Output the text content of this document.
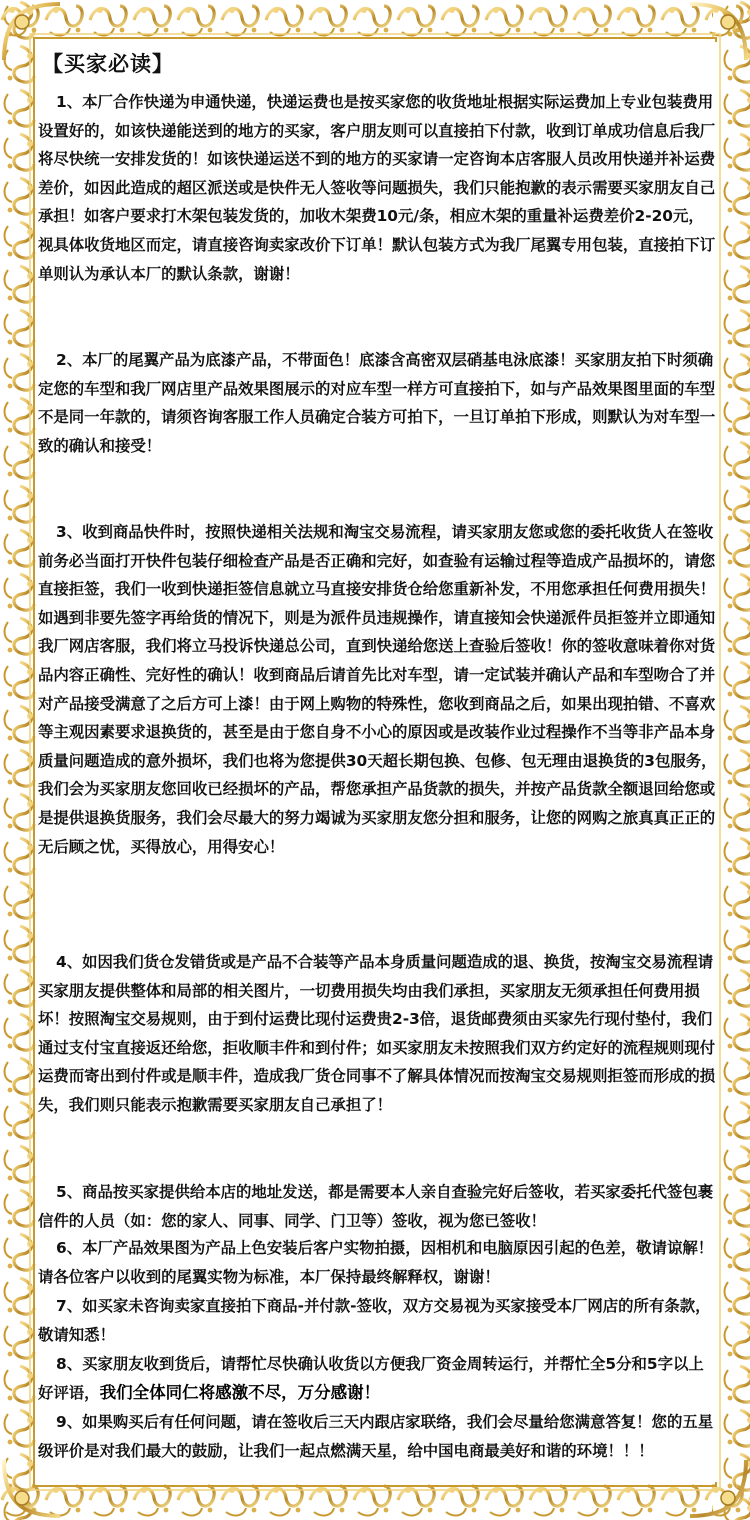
【买家必读】

1、本厂合作快递为申通快递，快递运费也是按买家您的收货地址根据实际运费加上专业包装费用设置好的，如该快递能送到的地方的买家，客户朋友则可以直接拍下付款，收到订单成功信息后我厂将尽快统一安排发货的！如该快递运送不到的地方的买家请一定咨询本店客服人员改用快递并补运费差价，如因此造成的超区派送或是快件无人签收等问题损失，我们只能抱歉的表示需要买家朋友自己承担！如客户要求打木架包装发货的，加收木架费10元/条，相应木架的重量补运费差价2-20元，视具体收货地区而定，请直接咨询卖家改价下订单！默认包装方式为我厂尾翼专用包装，直接拍下订单则认为承认本厂的默认条款，谢谢！

2、本厂的尾翼产品为底漆产品，不带面色！底漆含高密双层硝基电泳底漆！买家朋友拍下时须确定您的车型和我厂网店里产品效果图展示的对应车型一样方可直接拍下，如与产品效果图里面的车型不是同一年款的，请须咨询客服工作人员确定合装方可拍下，一旦订单拍下形成，则默认为对车型一致的确认和接受！

3、收到商品快件时，按照快递相关法规和淘宝交易流程，请买家朋友您或您的委托收货人在签收前务必当面打开快件包装仔细检查产品是否正确和完好，如查验有运输过程等造成产品损坏的，请您直接拒签，我们一收到快递拒签信息就立马直接安排货仓给您重新补发，不用您承担任何费用损失！如遇到非要先签字再给货的情况下，则是为派件员违规操作，请直接知会快递派件员拒签并立即通知我厂网店客服，我们将立马投诉快递总公司，直到快递给您送上查验后签收！你的签收意味着你对货品内容正确性、完好性的确认！收到商品后请首先比对车型，请一定试装并确认产品和车型吻合了并对产品接受满意了之后方可上漆！由于网上购物的特殊性，您收到商品之后，如果出现拍错、不喜欢等主观因素要求退换货的，甚至是由于您自身不小心的原因或是改装作业过程操作不当等非产品本身质量问题造成的意外损坏，我们也将为您提供30天超长期包换、包修、包无理由退换货的3包服务，我们会为买家朋友您回收已经损坏的产品，帮您承担产品货款的损失，并按产品货款全额退回给您或是提供退换货服务，我们会尽最大的努力竭诚为买家朋友您分担和服务，让您的网购之旅真真正正的无后顾之忧，买得放心，用得安心！

4、如因我们货仓发错货或是产品不合装等产品本身质量问题造成的退、换货，按淘宝交易流程请买家朋友提供整体和局部的相关图片，一切费用损失均由我们承担，买家朋友无须承担任何费用损坏！按照淘宝交易规则，由于到付运费比现付运费贵2-3倍，退货邮费须由买家先行现付垫付，我们通过支付宝直接返还给您，拒收顺丰件和到付件；如买家朋友未按照我们双方约定好的流程规则现付运费而寄出到付件或是顺丰件，造成我厂货仓同事不了解具体情况而按淘宝交易规则拒签而形成的损失，我们则只能表示抱歉需要买家朋友自己承担了！

5、商品按买家提供给本店的地址发送，都是需要本人亲自查验完好后签收，若买家委托代签包裹信件的人员（如：您的家人、同事、同学、门卫等）签收，视为您已签收！

6、本厂产品效果图为产品上色安装后客户实物拍摄，因相机和电脑原因引起的色差，敬请谅解！请各位客户以收到的尾翼实物为标准，本厂保持最终解释权，谢谢！

7、如买家未咨询卖家直接拍下商品-并付款-签收，双方交易视为买家接受本厂网店的所有条款，敬请知悉！

8、买家朋友收到货后，请帮忙尽快确认收货以方便我厂资金周转运行，并帮忙全5分和5字以上好评语，我们全体同仁将感激不尽，万分感谢！

9、如果购买后有任何问题，请在签收后三天内跟店家联络，我们会尽量给您满意答复！您的五星级评价是对我们最大的鼓励，让我们一起点燃满天星，给中国电商最美好和谐的环境！！！
